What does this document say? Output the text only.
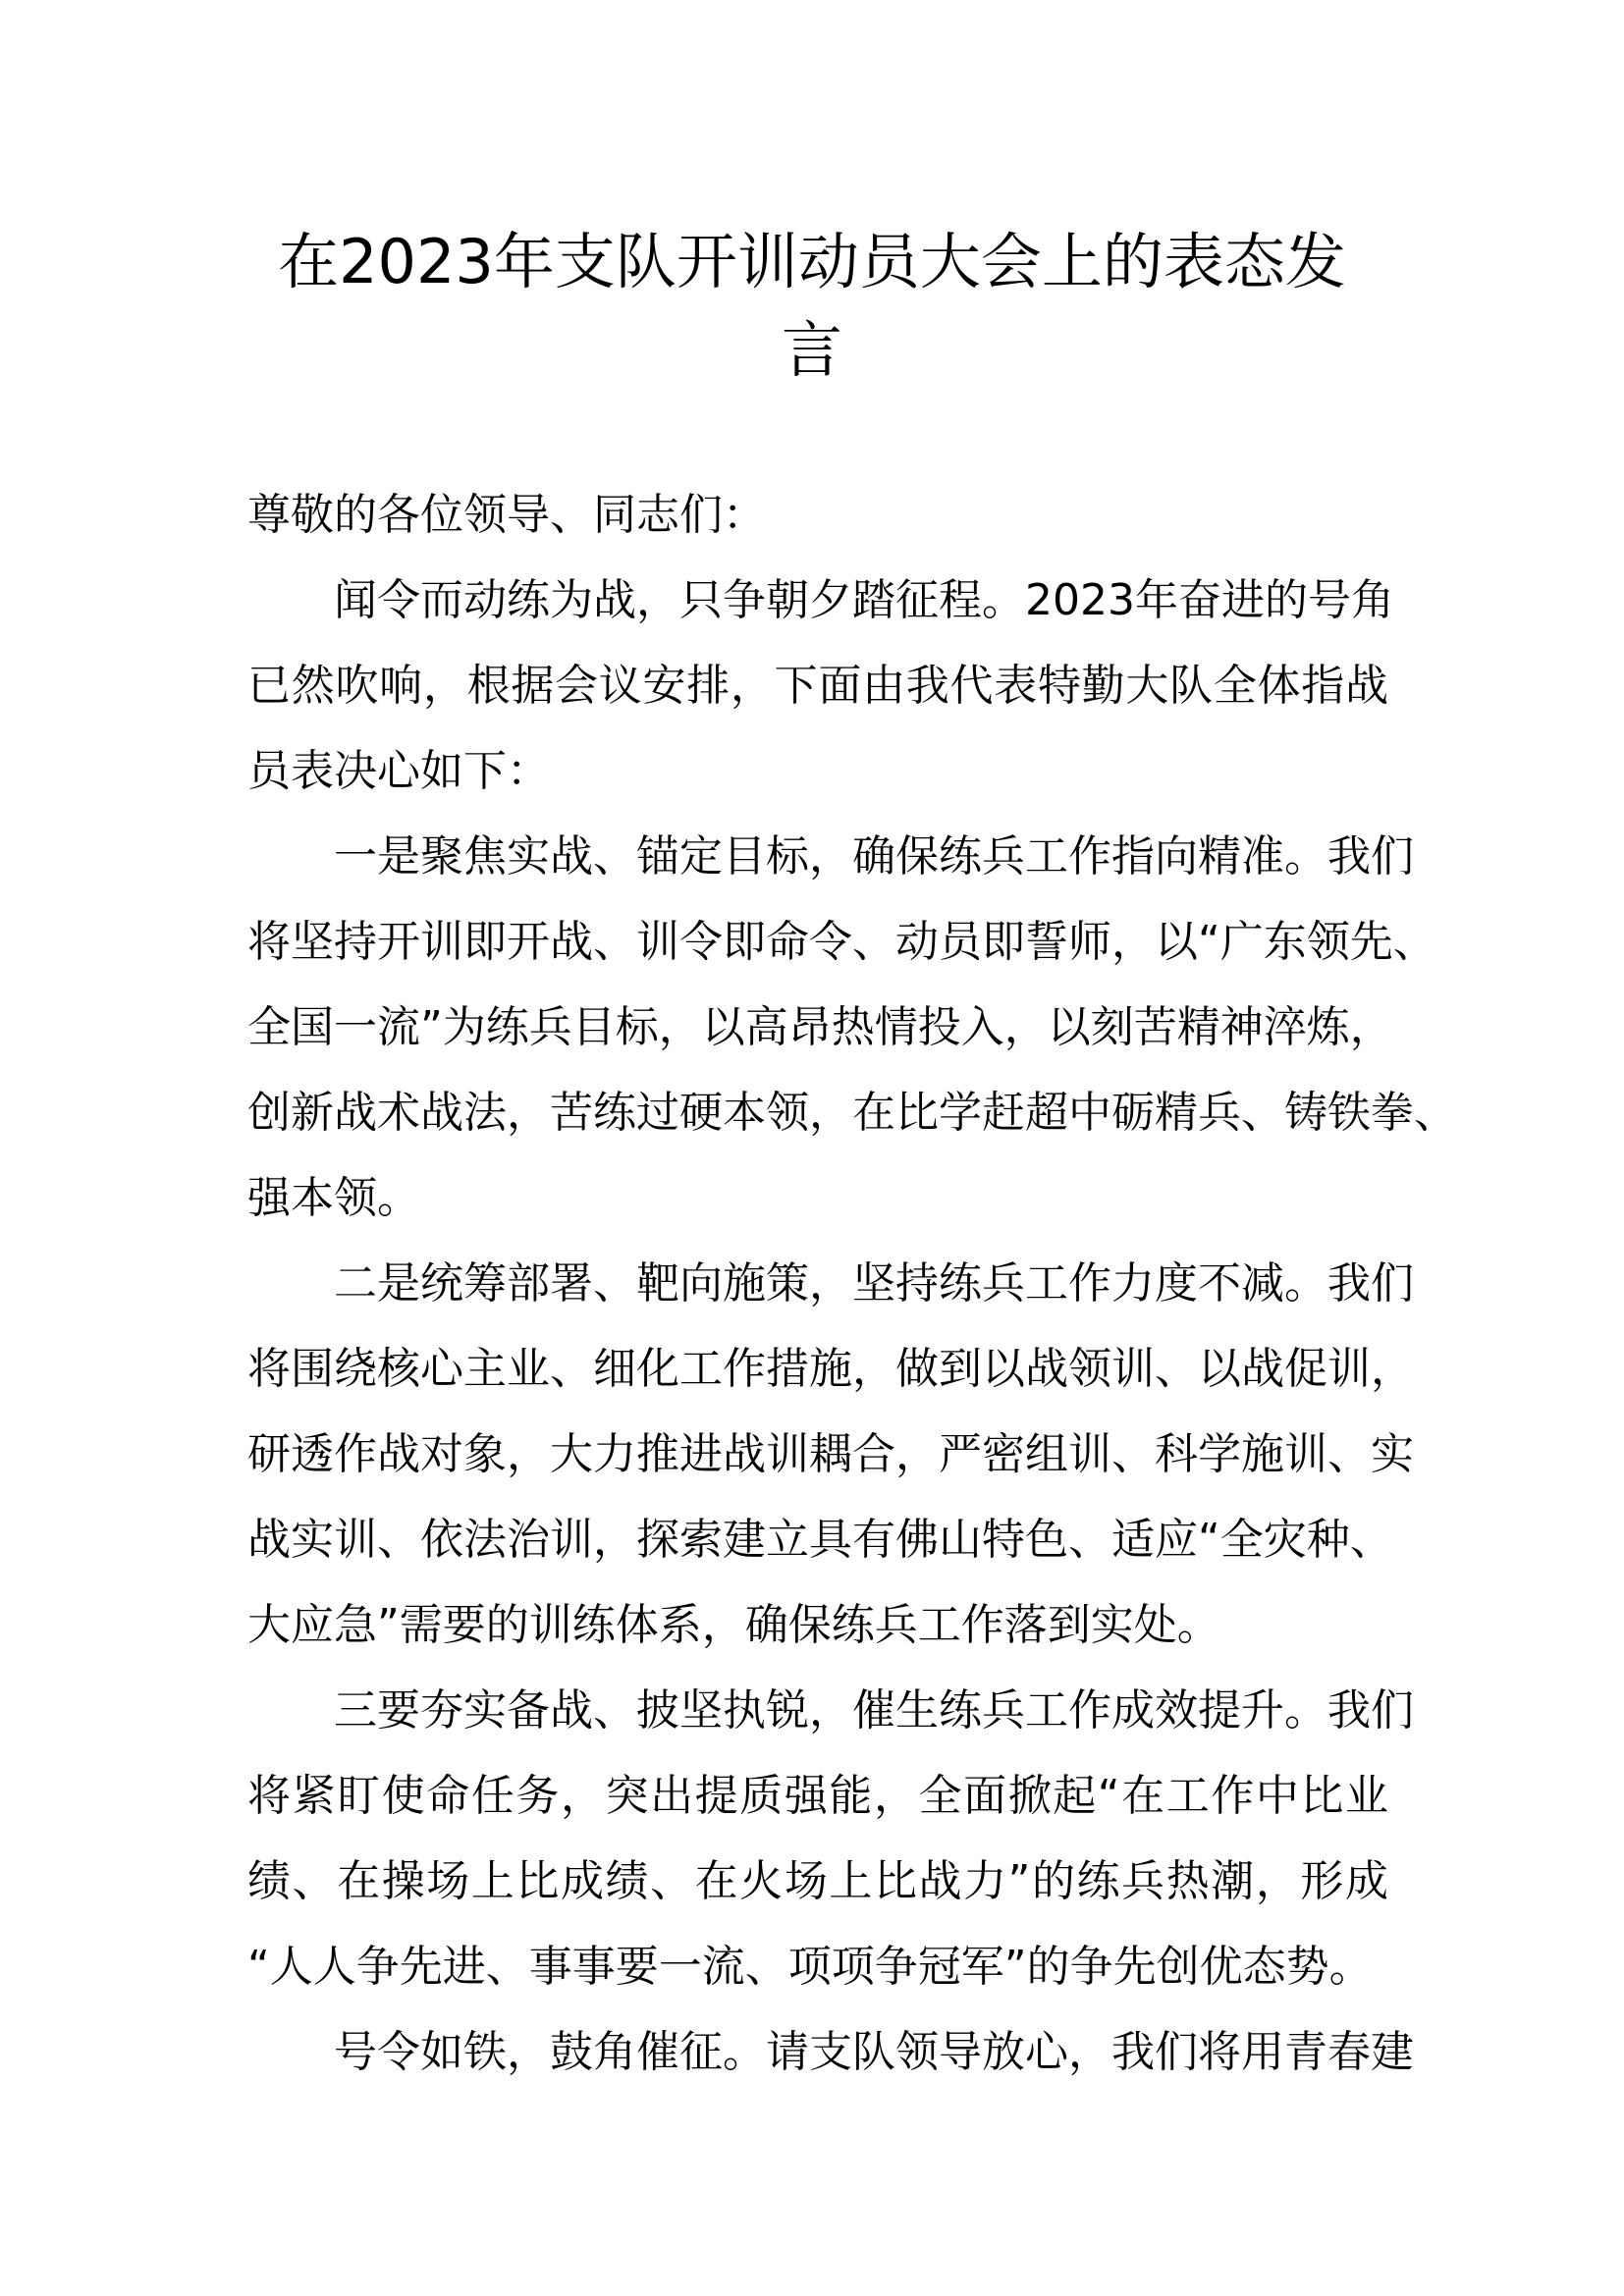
在2023年支队开训动员大会上的表态发
言
尊敬的各位领导、同志们：
闻令而动练为战，只争朝夕踏征程。2023年奋进的号角
已然吹响，根据会议安排，下面由我代表特勤大队全体指战
员表决心如下：
一是聚焦实战、锚定目标，确保练兵工作指向精准。我们
将坚持开训即开战、训令即命令、动员即誓师，以“广东领先、
全国一流”为练兵目标，以高昂热情投入，以刻苦精神淬炼，
创新战术战法，苦练过硬本领，在比学赶超中砺精兵、铸铁拳、
强本领。
二是统筹部署、靶向施策，坚持练兵工作力度不减。我们
将围绕核心主业、细化工作措施，做到以战领训、以战促训，
研透作战对象，大力推进战训耦合，严密组训、科学施训、实
战实训、依法治训，探索建立具有佛山特色、适应“全灾种、
大应急”需要的训练体系，确保练兵工作落到实处。
三要夯实备战、披坚执锐，催生练兵工作成效提升。我们
将紧盯使命任务，突出提质强能，全面掀起“在工作中比业
绩、在操场上比成绩、在火场上比战力”的练兵热潮，形成
“人人争先进、事事要一流、项项争冠军”的争先创优态势。
号令如铁，鼓角催征。请支队领导放心，我们将用青春建
